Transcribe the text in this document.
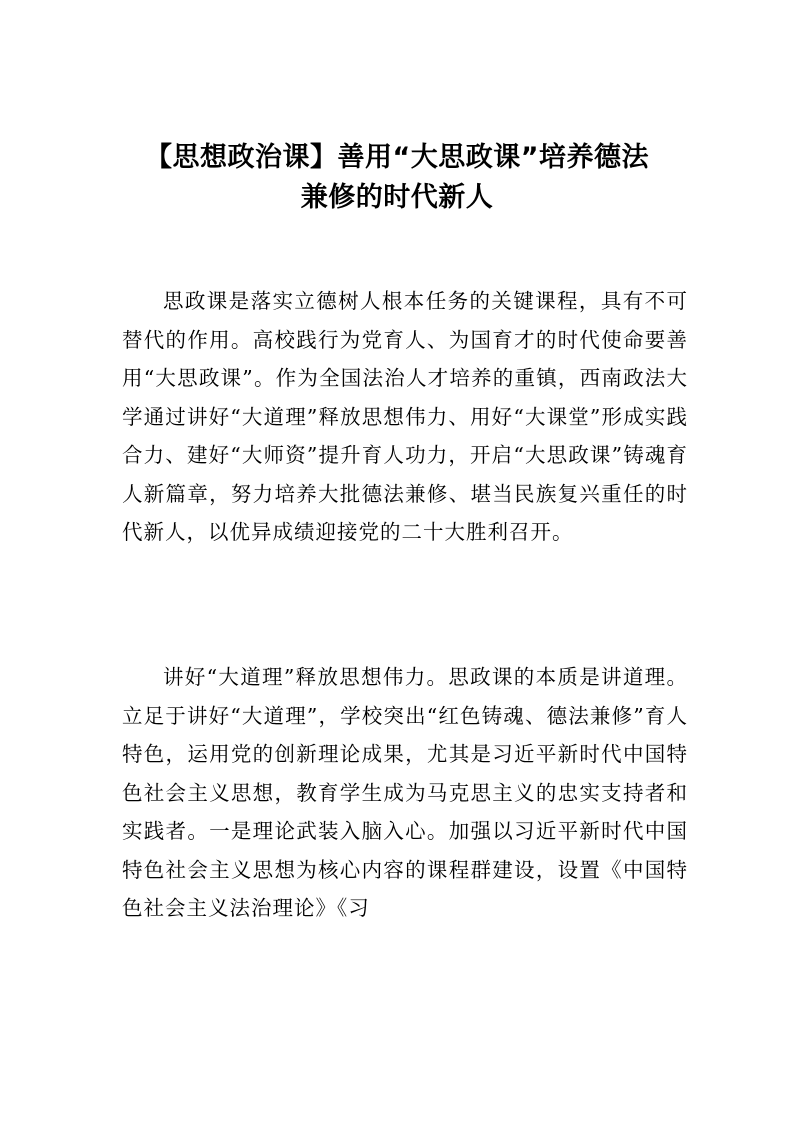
【思想政治课】善用“大思政课”培养德法
兼修的时代新人

思政课是落实立德树人根本任务的关键课程，具有不可替代的作用。高校践行为党育人、为国育才的时代使命要善用“大思政课”。作为全国法治人才培养的重镇，西南政法大学通过讲好“大道理”释放思想伟力、用好“大课堂”形成实践合力、建好“大师资”提升育人功力，开启“大思政课”铸魂育人新篇章，努力培养大批德法兼修、堪当民族复兴重任的时代新人，以优异成绩迎接党的二十大胜利召开。

讲好“大道理”释放思想伟力。思政课的本质是讲道理。立足于讲好“大道理”，学校突出“红色铸魂、德法兼修”育人特色，运用党的创新理论成果，尤其是习近平新时代中国特色社会主义思想，教育学生成为马克思主义的忠实支持者和实践者。一是理论武装入脑入心。加强以习近平新时代中国特色社会主义思想为核心内容的课程群建设，设置《中国特色社会主义法治理论》《习
